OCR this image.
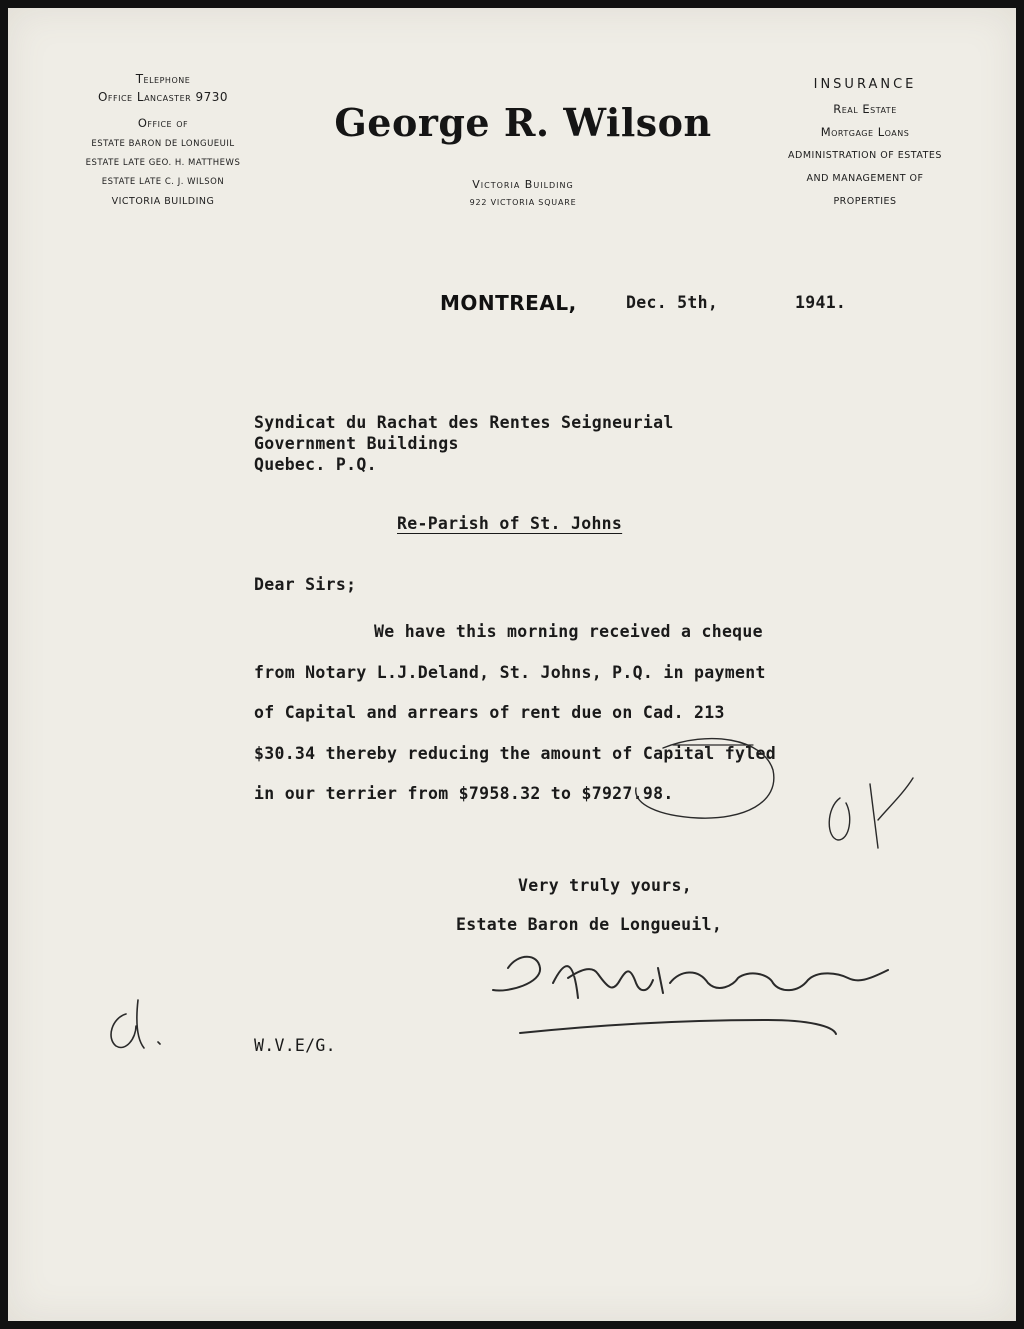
Telephone
Office Lancaster 9730
Office of
ESTATE BARON DE LONGUEUIL
ESTATE LATE GEO. H. MATTHEWS
ESTATE LATE C. J. WILSON
VICTORIA BUILDING
George R. Wilson
Victoria Building
922 VICTORIA SQUARE
INSURANCE
Real Estate
Mortgage Loans
ADMINISTRATION OF ESTATES
AND MANAGEMENT OF
PROPERTIES
MONTREAL,	Dec. 5th,	1941.
Syndicat du Rachat des Rentes Seigneurial
Government Buildings
Quebec. P.Q.
Re-Parish of St. Johns
Dear Sirs;
We have this morning received a cheque
from Notary L.J.Deland, St. Johns, P.Q. in payment
of Capital and arrears of rent due on Cad. 213
$30.34 thereby reducing the amount of Capital fyled
in our terrier from $7958.32 to $7927.98.
Very truly yours,
Estate Baron de Longueuil,
W.V.E/G.
